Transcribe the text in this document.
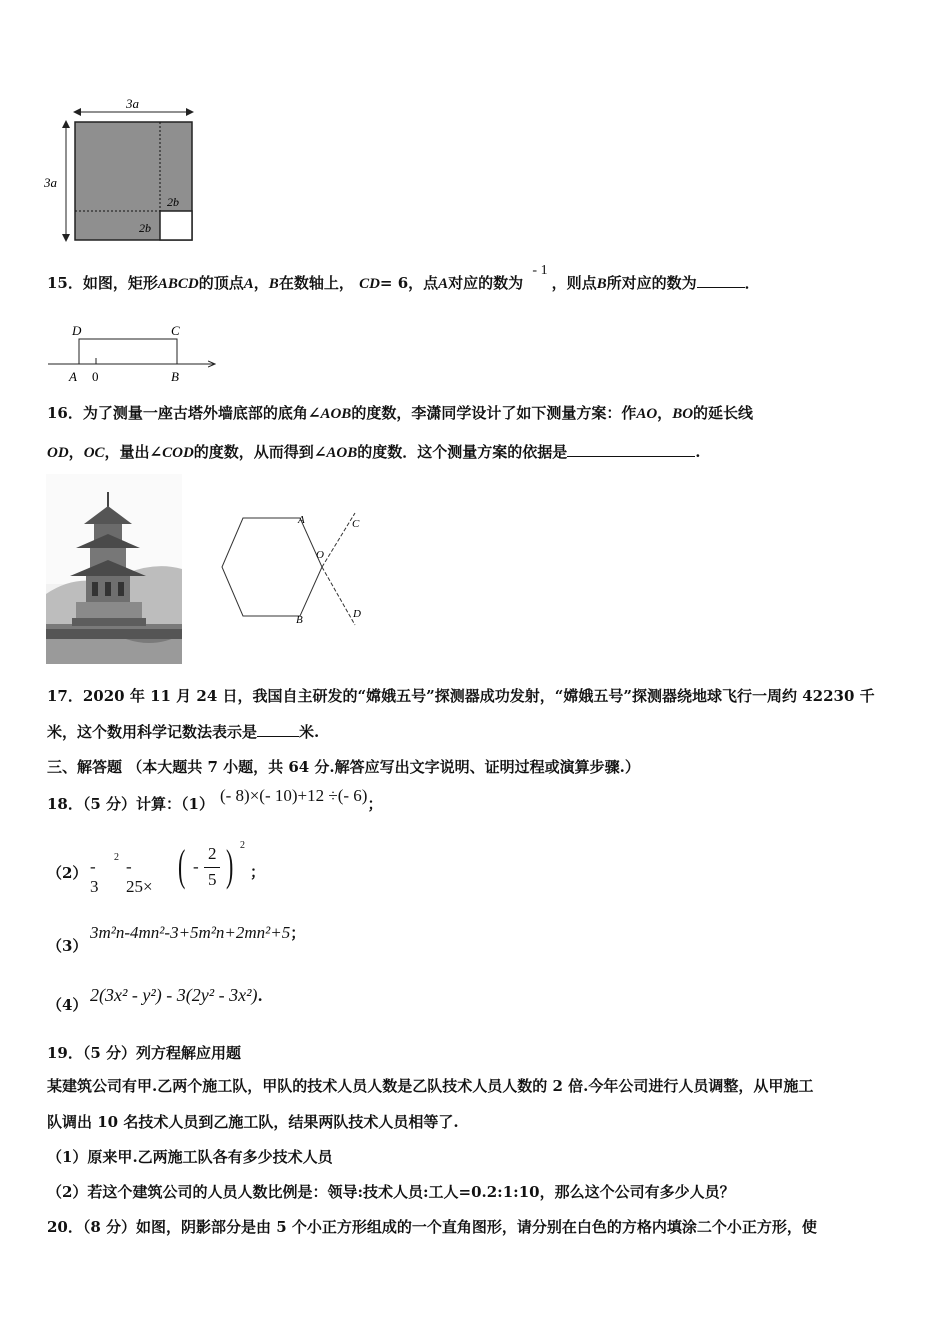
3a
3a
2b
2b
15．如图，矩形ABCD的顶点A，B在数轴上， CD= 6，点A对应的数为 - 1，则点B所对应的数为	．
D	C
A 0	B
16．为了测量一座古塔外墙底部的底角∠AOB的度数，李潇同学设计了如下测量方案：作AO，BO的延长线
OD，OC，量出∠COD的度数，从而得到∠AOB的度数．这个测量方案的依据是	.
A
O
C
B	D
17．2020 年 11 月 24 日，我国自主研发的“嫦娥五号”探测器成功发射，“嫦娥五号”探测器绕地球飞行一周约 42230 千
米，这个数用科学记数法表示是	米.
三、解答题 （本大题共 7 小题，共 64 分.解答应写出文字说明、证明过程或演算步骤.）
18．（5 分）计算：（1） (- 8)×(- 10)+12 ÷(- 6)；
（2） - 3
2 - 25× ( -
2
5 ) 2
；
（3）
3m²n-4mn²-3+5m²n+2mn²+5；
（4） 2(3x² - y²) - 3(2y² - 3x²).
19．（5 分）列方程解应用题
某建筑公司有甲.乙两个施工队，甲队的技术人员人数是乙队技术人员人数的 2 倍.今年公司进行人员调整，从甲施工
队调出 10 名技术人员到乙施工队，结果两队技术人员相等了.
（1）原来甲.乙两施工队各有多少技术人员
（2）若这个建筑公司的人员人数比例是：领导:技术人员:工人=0.2:1:10，那么这个公司有多少人员？
20．（8 分）如图，阴影部分是由 5 个小正方形组成的一个直角图形，请分别在白色的方格内填涂二个小正方形，使
